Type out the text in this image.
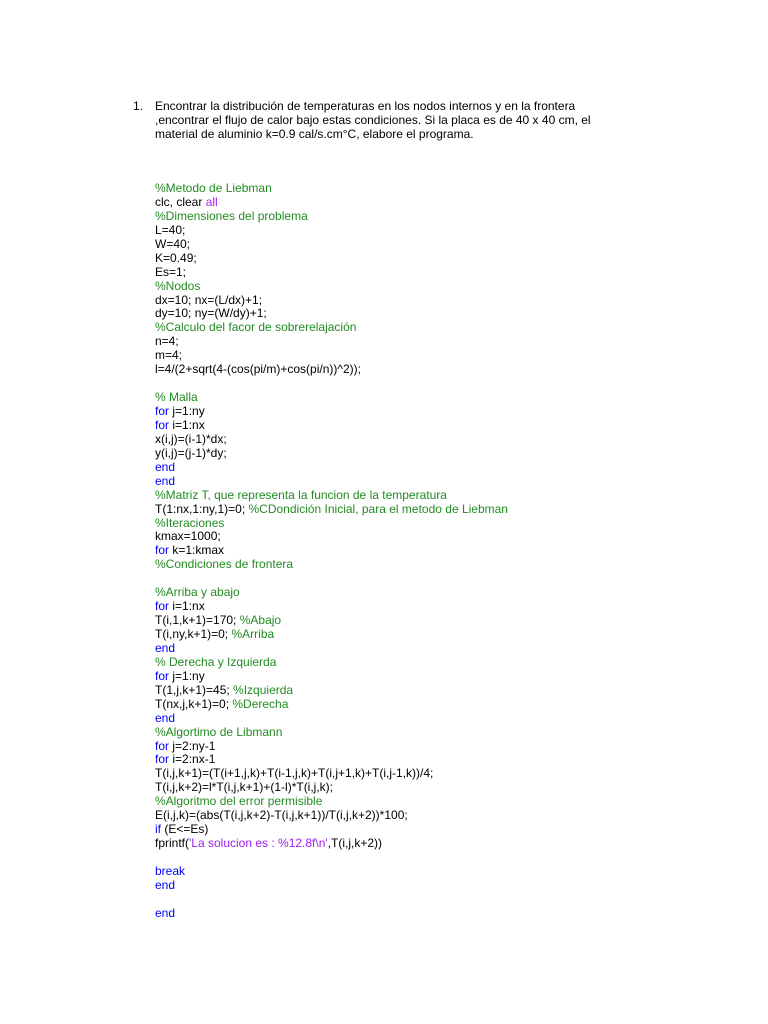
1. Encontrar la distribución de temperaturas en los nodos internos y en la frontera
,encontrar el flujo de calor bajo estas condiciones. Si la placa es de 40 x 40 cm, el
material de aluminio k=0.9 cal/s.cm°C, elabore el programa.
%Metodo de Liebman
clc, clear all
%Dimensiones del problema
L=40;
W=40;
K=0.49;
Es=1;
%Nodos
dx=10; nx=(L/dx)+1;
dy=10; ny=(W/dy)+1;
%Calculo del facor de sobrerelajación
n=4;
m=4;
l=4/(2+sqrt(4-(cos(pi/m)+cos(pi/n))^2));

% Malla
for j=1:ny
for i=1:nx
x(i,j)=(i-1)*dx;
y(i,j)=(j-1)*dy;
end
end
%Matriz T, que representa la funcion de la temperatura
T(1:nx,1:ny,1)=0; %CDondición Inicial, para el metodo de Liebman
%Iteraciones
kmax=1000;
for k=1:kmax
%Condiciones de frontera

%Arriba y abajo
for i=1:nx
T(i,1,k+1)=170; %Abajo
T(i,ny,k+1)=0; %Arriba
end
% Derecha y Izquierda
for j=1:ny
T(1,j,k+1)=45; %Izquierda
T(nx,j,k+1)=0; %Derecha
end
%Algortimo de Libmann
for j=2:ny-1
for i=2:nx-1
T(i,j,k+1)=(T(i+1,j,k)+T(i-1,j,k)+T(i,j+1,k)+T(i,j-1,k))/4;
T(i,j,k+2)=l*T(i,j,k+1)+(1-l)*T(i,j,k);
%Algoritmo del error permisible
E(i,j,k)=(abs(T(i,j,k+2)-T(i,j,k+1))/T(i,j,k+2))*100;
if (E<=Es)
fprintf('La solucion es : %12.8f\n',T(i,j,k+2))

break
end

end
